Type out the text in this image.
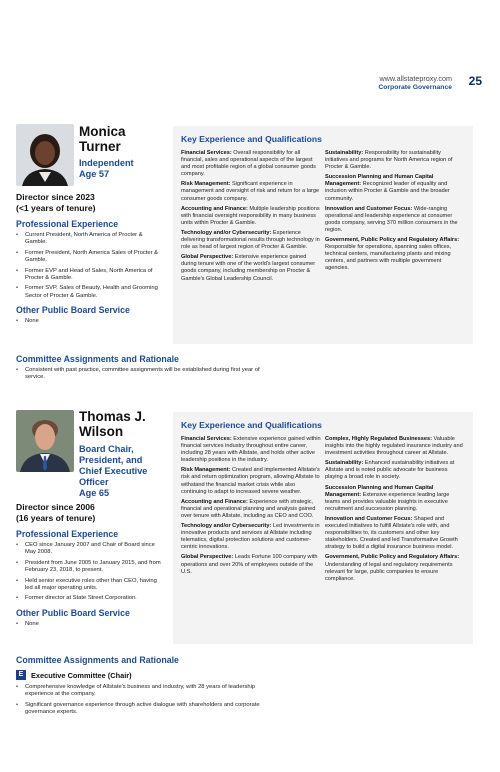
www.allstateproxy.com
Corporate Governance 25
Monica
Turner
Independent
Age 57
Director since 2023
(<1 years of tenure)
Professional Experience
• Current President, North America of Procter & Gamble.
• Former President, North America Sales of Procter & Gamble.
• Former EVP and Head of Sales, North America of Procter & Gamble.
• Former SVP, Sales of Beauty, Health and Grooming Sector of Procter & Gamble.
Other Public Board Service
• None
Key Experience and Qualifications
Financial Services: Overall responsibility for all financial, sales and operational aspects of the largest and most profitable region of a global consumer goods company.
Risk Management: Significant experience in management and oversight of risk and return for a large consumer goods company.
Accounting and Finance: Multiple leadership positions with financial oversight responsibility in many business units within Procter & Gamble.
Technology and/or Cybersecurity: Experience delivering transformational results through technology in role as head of largest region of Procter & Gamble.
Global Perspective: Extensive experience gained during tenure with one of the world's largest consumer goods company, including membership on Procter & Gamble's Global Leadership Council.
Sustainability: Responsibility for sustainability initiatives and programs for North America region of Procter & Gamble.
Succession Planning and Human Capital Management: Recognized leader of equality and inclusion within Procter & Gamble and the broader community.
Innovation and Customer Focus: Wide-ranging operational and leadership experience at consumer goods company, serving 370 million consumers in the region.
Government, Public Policy and Regulatory Affairs: Responsible for operations, spanning sales offices, technical centers, manufacturing plants and mixing centers, and partners with multiple government agencies.
Committee Assignments and Rationale
• Consistent with past practice, committee assignments will be established during first year of service.
Thomas J.
Wilson
Board Chair,
President, and
Chief Executive
Officer
Age 65
Director since 2006
(16 years of tenure)
Professional Experience
• CEO since January 2007 and Chair of Board since May 2008.
• President from June 2005 to January 2015, and from February 23, 2018, to present.
• Held senior executive roles other than CEO, having led all major operating units.
• Former director at State Street Corporation.
Other Public Board Service
• None
Key Experience and Qualifications
Financial Services: Extensive experience gained within financial services industry throughout entire career, including 28 years with Allstate, and holds other active leadership positions in the industry.
Risk Management: Created and implemented Allstate's risk and return optimization program, allowing Allstate to withstand the financial market crisis while also continuing to adapt to increased severe weather.
Accounting and Finance: Experience with strategic, financial and operational planning and analysis gained over tenure with Allstate, including as CEO and COO.
Technology and/or Cybersecurity: Led investments in innovative products and services at Allstate including telematics, digital protection solutions and customer-centric innovations.
Global Perspective: Leads Fortune 100 company with operations and over 20% of employees outside of the U.S.
Complex, Highly Regulated Businesses: Valuable insights into the highly regulated insurance industry and investment activities throughout career at Allstate.
Sustainability: Enhanced sustainability initiatives at Allstate and is noted public advocate for business playing a broad role in society.
Succession Planning and Human Capital Management: Extensive experience leading large teams and provides valuable insights in executive recruitment and succession planning.
Innovation and Customer Focus: Shaped and executed initiatives to fulfill Allstate's role with, and responsibilities to, its customers and other key stakeholders. Created and led Transformative Growth strategy to build a digital insurance business model.
Government, Public Policy and Regulatory Affairs: Understanding of legal and regulatory requirements relevant for large, public companies to ensure compliance.
Committee Assignments and Rationale
E	Executive Committee (Chair)
• Comprehensive knowledge of Allstate's business and industry, with 28 years of leadership experience at the company.
• Significant governance experience through active dialogue with shareholders and corporate governance experts.
